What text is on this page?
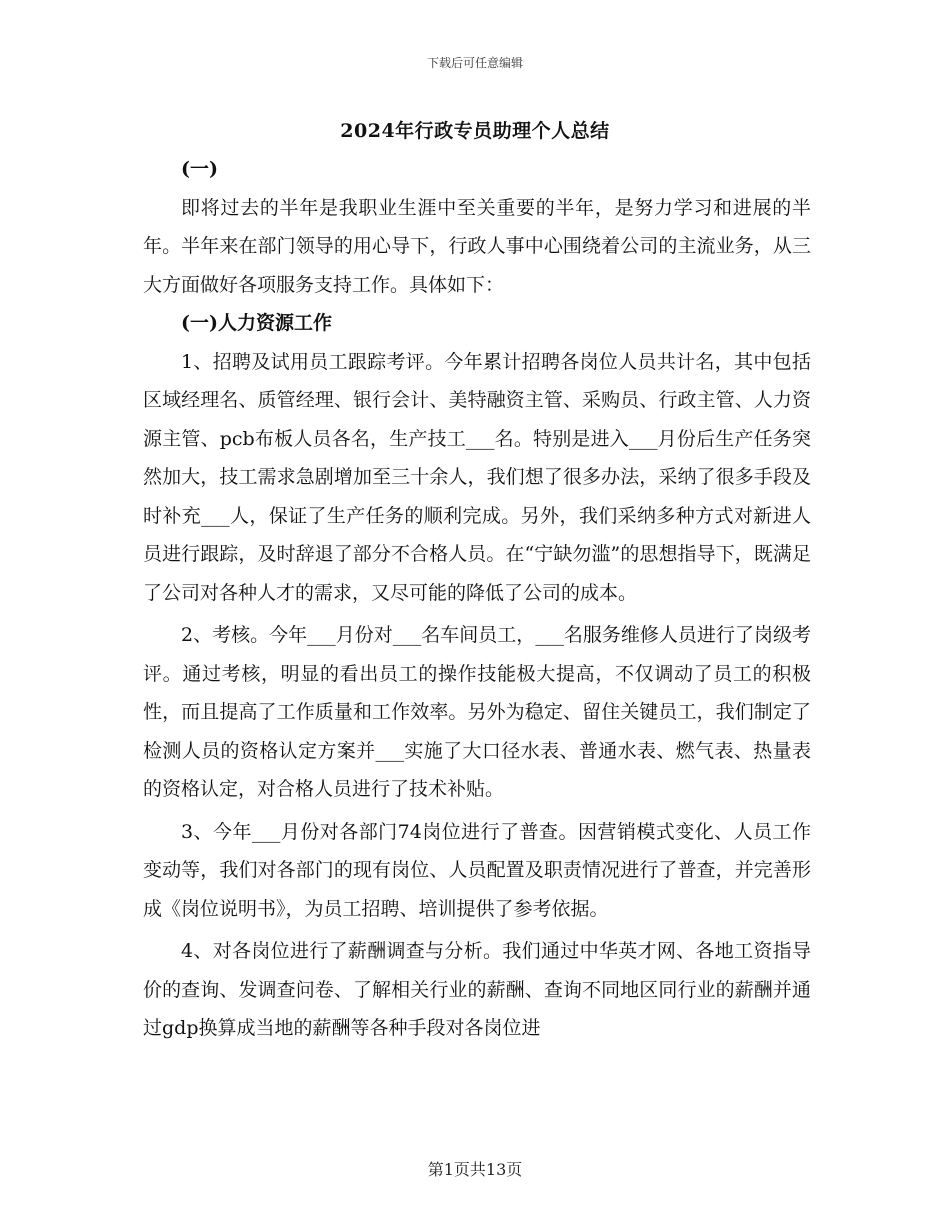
下载后可任意编辑
2024年行政专员助理个人总结

(一)

即将过去的半年是我职业生涯中至关重要的半年，是努力学习和进展的半年。半年来在部门领导的用心导下，行政人事中心围绕着公司的主流业务，从三大方面做好各项服务支持工作。具体如下：

(一)人力资源工作

1、招聘及试用员工跟踪考评。今年累计招聘各岗位人员共计名，其中包括区域经理名、质管经理、银行会计、美特融资主管、采购员、行政主管、人力资源主管、pcb布板人员各名，生产技工___名。特别是进入___月份后生产任务突然加大，技工需求急剧增加至三十余人，我们想了很多办法，采纳了很多手段及时补充___人，保证了生产任务的顺利完成。另外，我们采纳多种方式对新进人员进行跟踪，及时辞退了部分不合格人员。在“宁缺勿滥”的思想指导下，既满足了公司对各种人才的需求，又尽可能的降低了公司的成本。

2、考核。今年___月份对___名车间员工，___名服务维修人员进行了岗级考评。通过考核，明显的看出员工的操作技能极大提高，不仅调动了员工的积极性，而且提高了工作质量和工作效率。另外为稳定、留住关键员工，我们制定了检测人员的资格认定方案并___实施了大口径水表、普通水表、燃气表、热量表的资格认定，对合格人员进行了技术补贴。

3、今年___月份对各部门74岗位进行了普查。因营销模式变化、人员工作变动等，我们对各部门的现有岗位、人员配置及职责情况进行了普查，并完善形成《岗位说明书》，为员工招聘、培训提供了参考依据。

4、对各岗位进行了薪酬调查与分析。我们通过中华英才网、各地工资指导价的查询、发调查问卷、了解相关行业的薪酬、查询不同地区同行业的薪酬并通过gdp换算成当地的薪酬等各种手段对各岗位进

第1页共13页
